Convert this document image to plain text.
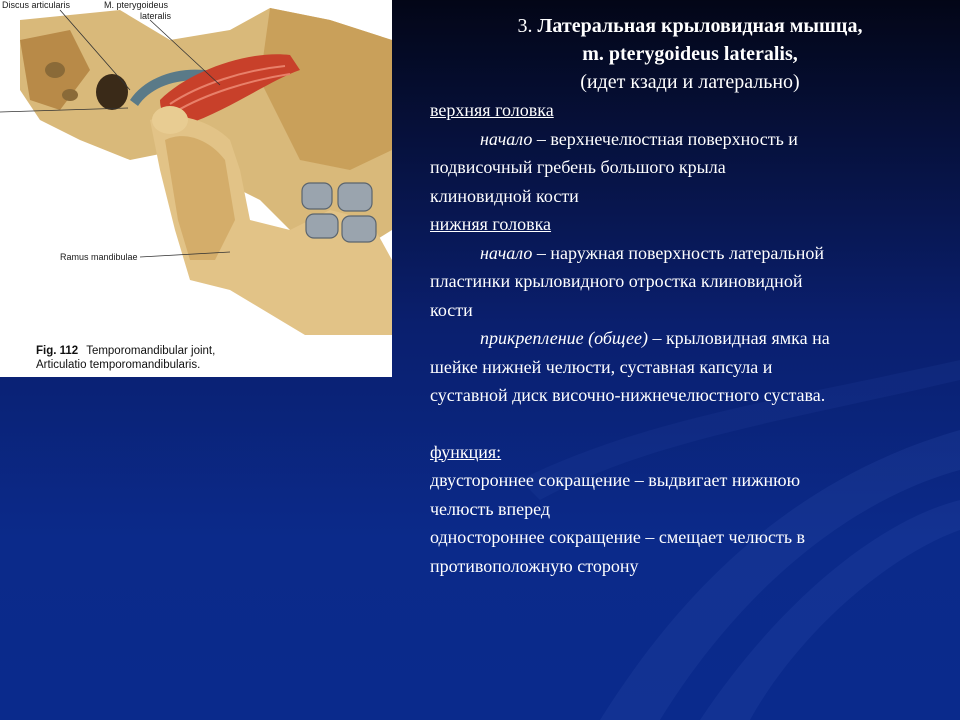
Discus articularis	M. pterygoideus
lateralis
Ramus mandibulae
Fig. 112 Temporomandibular joint,
Articulatio temporomandibularis.
3. Латеральная крыловидная мышца,
m. pterygoideus lateralis,
(идет кзади и латерально)
верхняя головка
начало – верхнечелюстная поверхность и
подвисочный гребень большого крыла
клиновидной кости
нижняя головка
начало – наружная поверхность латеральной
пластинки крыловидного отростка клиновидной
кости
прикрепление (общее) – крыловидная ямка на
шейке нижней челюсти, суставная капсула и
суставной диск височно-нижнечелюстного сустава.
функция:
двустороннее сокращение – выдвигает нижнюю
челюсть вперед
одностороннее сокращение – смещает челюсть в
противоположную сторону
